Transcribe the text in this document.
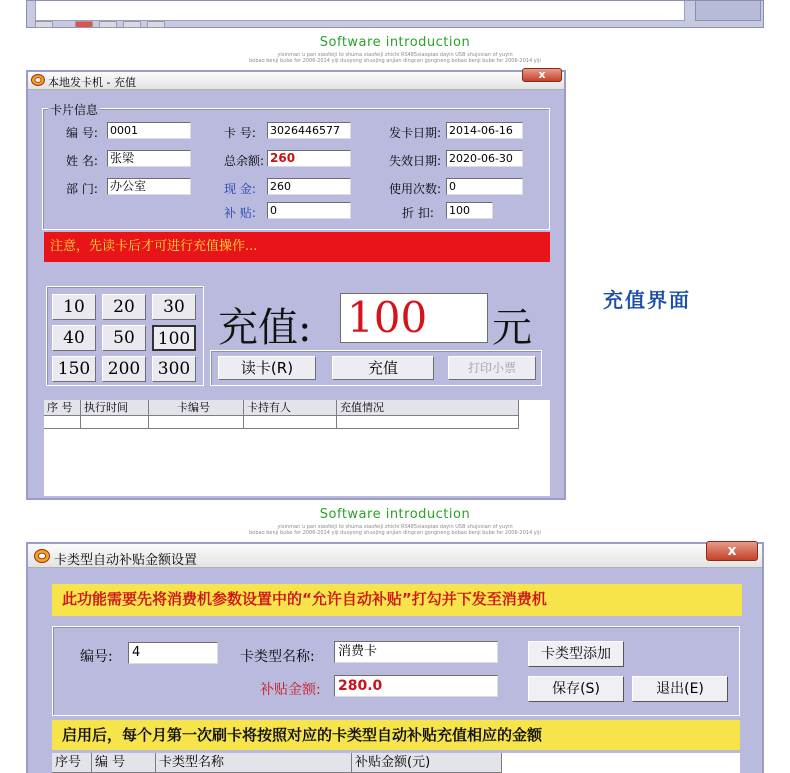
Software introduction
yixinman u pan xiaofeiji to shuma xiaofeiji zhichi RS485xiaopiao dayin USB shujvxian of yuyin
bobao benji bube for 2006-2014 yiji duoyong shuojing anjian dingcan gongneng bobao benji bube for 2006-2014 yiji
本地发卡机 - 充值
x
卡片信息
编 号: 0001	卡 号: 3026446577	发卡日期: 2014-06-16
姓 名: 张梁	总余额: 260	失效日期: 2020-06-30
部 门: 办公室	现 金: 260	使用次数: 0
补 贴: 0	折 扣: 100
注意，先读卡后才可进行充值操作...
10	20	30
40	50	100
150	200	300
充值: 100	元
读卡(R)	充值	打印小票
序 号	执行时间	卡编号	卡持有人	充值情况
充值界面
Software introduction
yixinman u pan xiaofeiji to shuma xiaofeiji zhichi RS485xiaopiao dayin USB shujvxian of yuyin
bobao benji bube for 2006-2014 yiji duoyong shuojing anjian dingcan gongneng bobao benji bube for 2006-2014 yiji
卡类型自动补贴金额设置
x
此功能需要先将消费机参数设置中的“允许自动补贴”打勾并下发至消费机
编号:	4	卡类型名称:	消费卡
补贴金额: 280.0
卡类型添加
保存(S)	退出(E)
启用后，每个月第一次刷卡将按照对应的卡类型自动补贴充值相应的金额
序号	编 号	卡类型名称	补贴金额(元)
